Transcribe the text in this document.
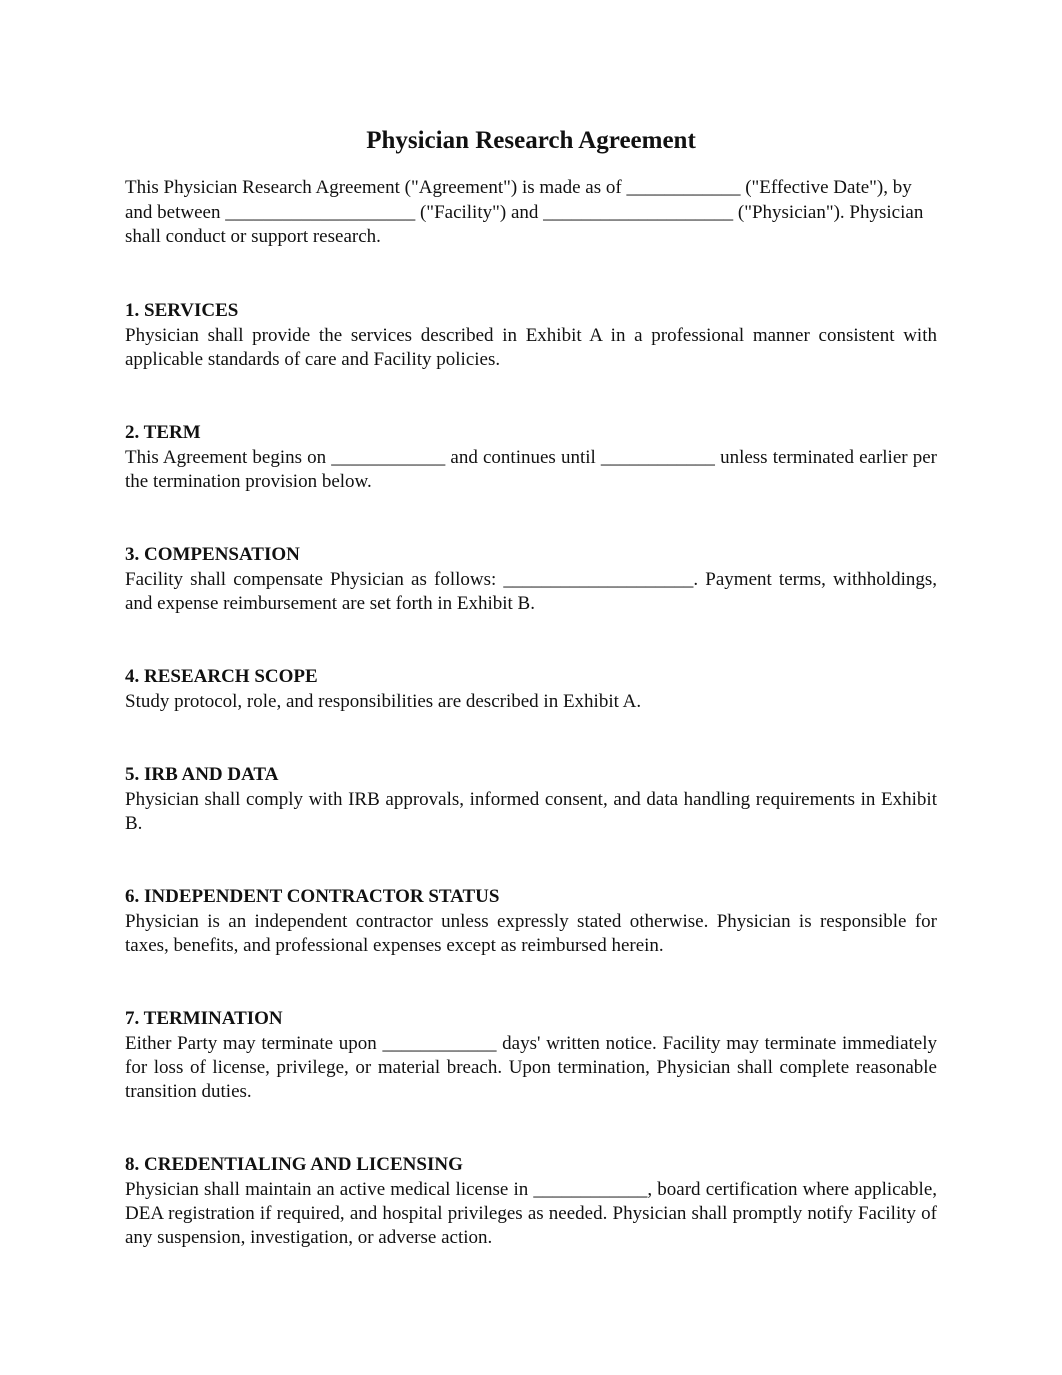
Physician Research Agreement

This Physician Research Agreement ("Agreement") is made as of ____________ ("Effective Date"), by and between ____________________ ("Facility") and ____________________ ("Physician"). Physician shall conduct or support research.

1. SERVICES

Physician shall provide the services described in Exhibit A in a professional manner consistent with applicable standards of care and Facility policies.

2. TERM

This Agreement begins on ____________ and continues until ____________ unless terminated earlier per the termination provision below.

3. COMPENSATION

Facility shall compensate Physician as follows: ____________________. Payment terms, withholdings, and expense reimbursement are set forth in Exhibit B.

4. RESEARCH SCOPE

Study protocol, role, and responsibilities are described in Exhibit A.

5. IRB AND DATA

Physician shall comply with IRB approvals, informed consent, and data handling requirements in Exhibit B.

6. INDEPENDENT CONTRACTOR STATUS

Physician is an independent contractor unless expressly stated otherwise. Physician is responsible for taxes, benefits, and professional expenses except as reimbursed herein.

7. TERMINATION

Either Party may terminate upon ____________ days' written notice. Facility may terminate immediately for loss of license, privilege, or material breach. Upon termination, Physician shall complete reasonable transition duties.

8. CREDENTIALING AND LICENSING

Physician shall maintain an active medical license in ____________, board certification where applicable, DEA registration if required, and hospital privileges as needed. Physician shall promptly notify Facility of any suspension, investigation, or adverse action.
